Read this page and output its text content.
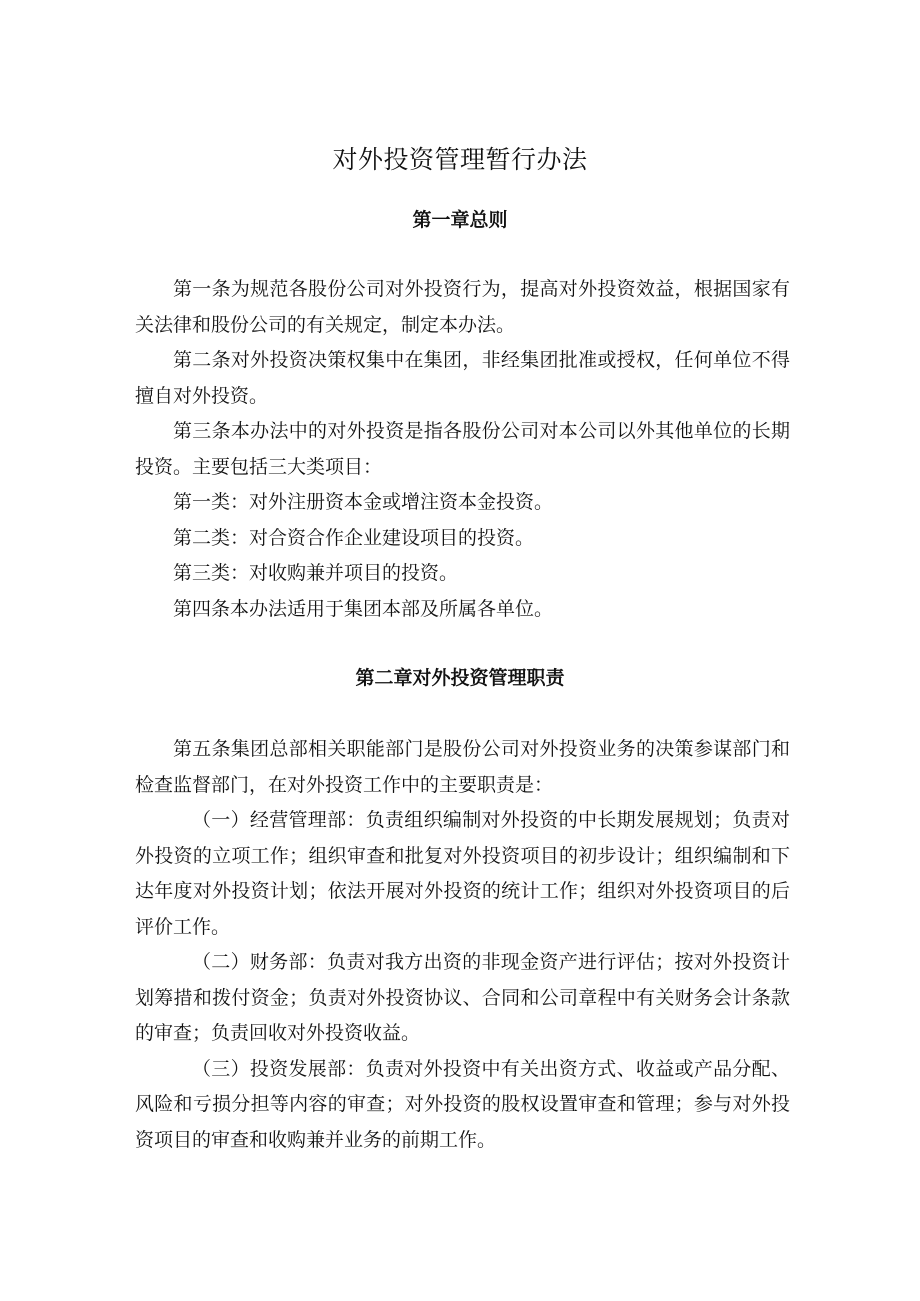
对外投资管理暂行办法
第一章总则

第一条为规范各股份公司对外投资行为，提高对外投资效益，根据国家有关法律和股份公司的有关规定，制定本办法。

第二条对外投资决策权集中在集团，非经集团批准或授权，任何单位不得擅自对外投资。

第三条本办法中的对外投资是指各股份公司对本公司以外其他单位的长期投资。主要包括三大类项目：

第一类：对外注册资本金或增注资本金投资。

第二类：对合资合作企业建设项目的投资。

第三类：对收购兼并项目的投资。

第四条本办法适用于集团本部及所属各单位。

第二章对外投资管理职责

第五条集团总部相关职能部门是股份公司对外投资业务的决策参谋部门和检查监督部门，在对外投资工作中的主要职责是：

（一）经营管理部：负责组织编制对外投资的中长期发展规划；负责对外投资的立项工作；组织审查和批复对外投资项目的初步设计；组织编制和下达年度对外投资计划；依法开展对外投资的统计工作；组织对外投资项目的后评价工作。

（二）财务部：负责对我方出资的非现金资产进行评估；按对外投资计划筹措和拨付资金；负责对外投资协议、合同和公司章程中有关财务会计条款的审查；负责回收对外投资收益。

（三）投资发展部：负责对外投资中有关出资方式、收益或产品分配、风险和亏损分担等内容的审查；对外投资的股权设置审查和管理；参与对外投资项目的审查和收购兼并业务的前期工作。
